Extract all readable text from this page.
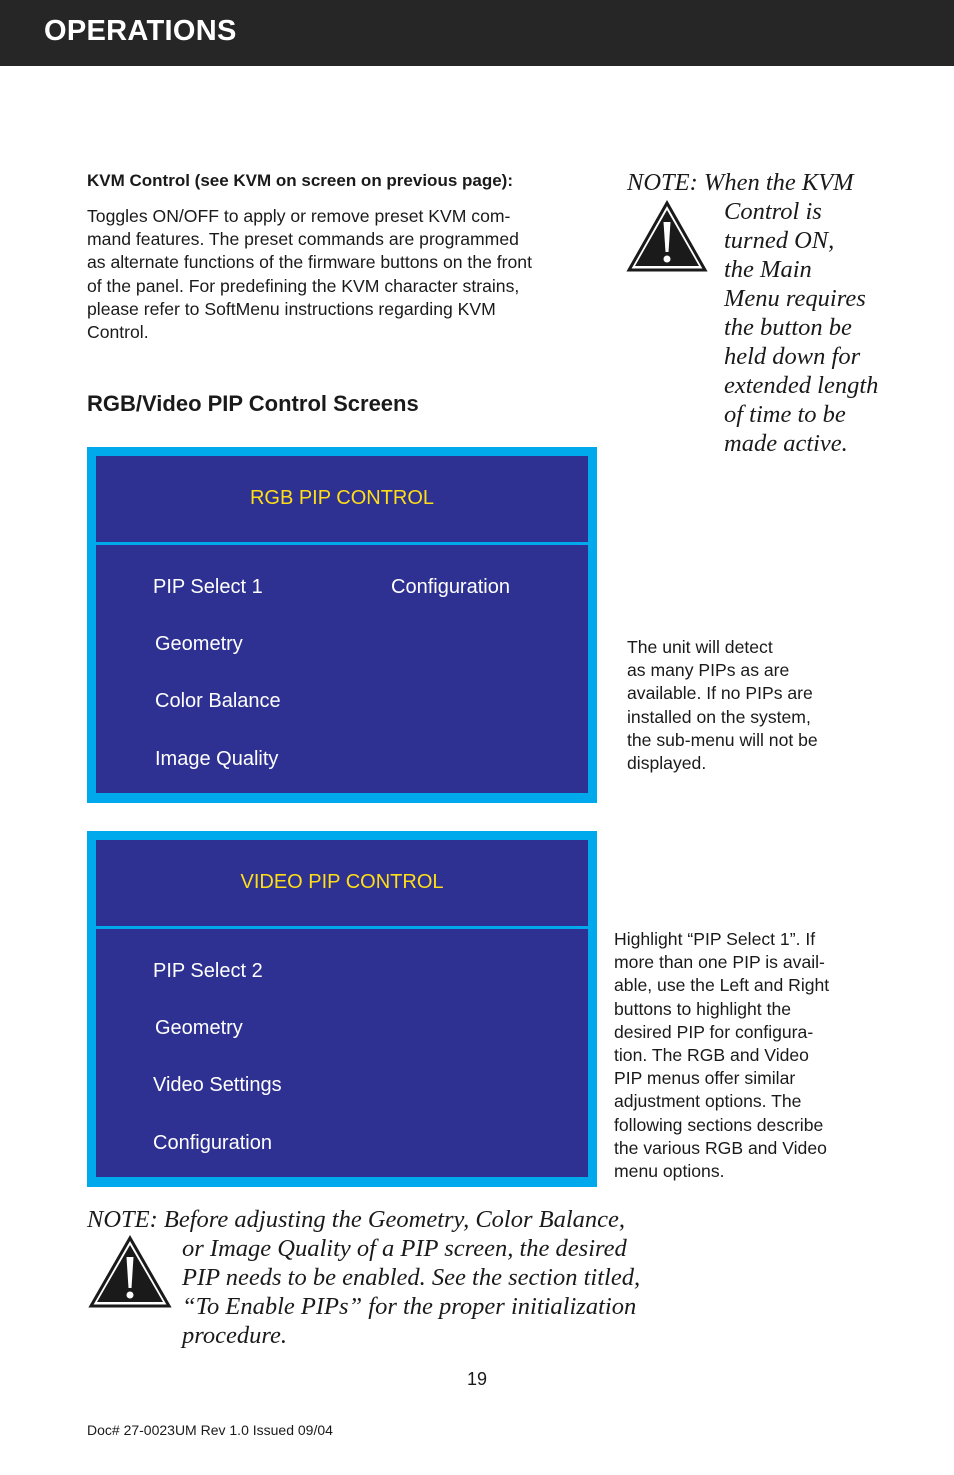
OPERATIONS
KVM Control (see KVM on screen on previous page):
Toggles ON/OFF to apply or remove preset KVM com-
mand features. The preset commands are programmed
as alternate functions of the firmware buttons on the front
of the panel. For predefining the KVM character strains,
please refer to SoftMenu instructions regarding KVM
Control.
NOTE: When the KVM
Control is
turned ON,
the Main
Menu requires
the button be
held down for
extended length
of time to be
made active.
RGB/Video PIP Control Screens
RGB PIP CONTROL
PIP Select 1	Configuration
Geometry
Color Balance
Image Quality
The unit will detect
as many PIPs as are
available. If no PIPs are
installed on the system,
the sub-menu will not be
displayed.
VIDEO PIP CONTROL
PIP Select 2
Geometry
Video Settings
Configuration
Highlight “PIP Select 1”. If
more than one PIP is avail-
able, use the Left and Right
buttons to highlight the
desired PIP for configura-
tion. The RGB and Video
PIP menus offer similar
adjustment options. The
following sections describe
the various RGB and Video
menu options.
NOTE: Before adjusting the Geometry, Color Balance,
or Image Quality of a PIP screen, the desired
PIP needs to be enabled. See the section titled,
“To Enable PIPs” for the proper initialization
procedure.
19
Doc# 27-0023UM Rev 1.0 Issued 09/04
